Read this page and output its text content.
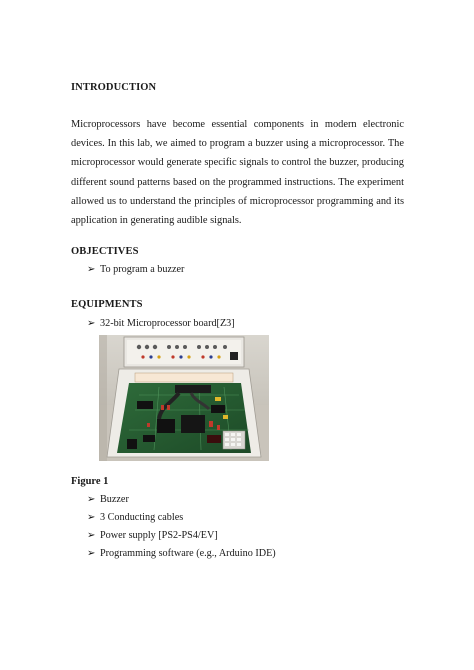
INTRODUCTION
Microprocessors have become essential components in modern electronic devices. In this lab, we aimed to program a buzzer using a microprocessor. The microprocessor would generate specific signals to control the buzzer, producing different sound patterns based on the programmed instructions. The experiment allowed us to understand the principles of microprocessor programming and its application in generating audible signals.
OBJECTIVES
➢ To program a buzzer
EQUIPMENTS
➢ 32-bit Microprocessor board[Z3]
Figure 1
➢ Buzzer
➢ 3 Conducting cables
➢ Power supply [PS2-PS4/EV]
➢ Programming software (e.g., Arduino IDE)
